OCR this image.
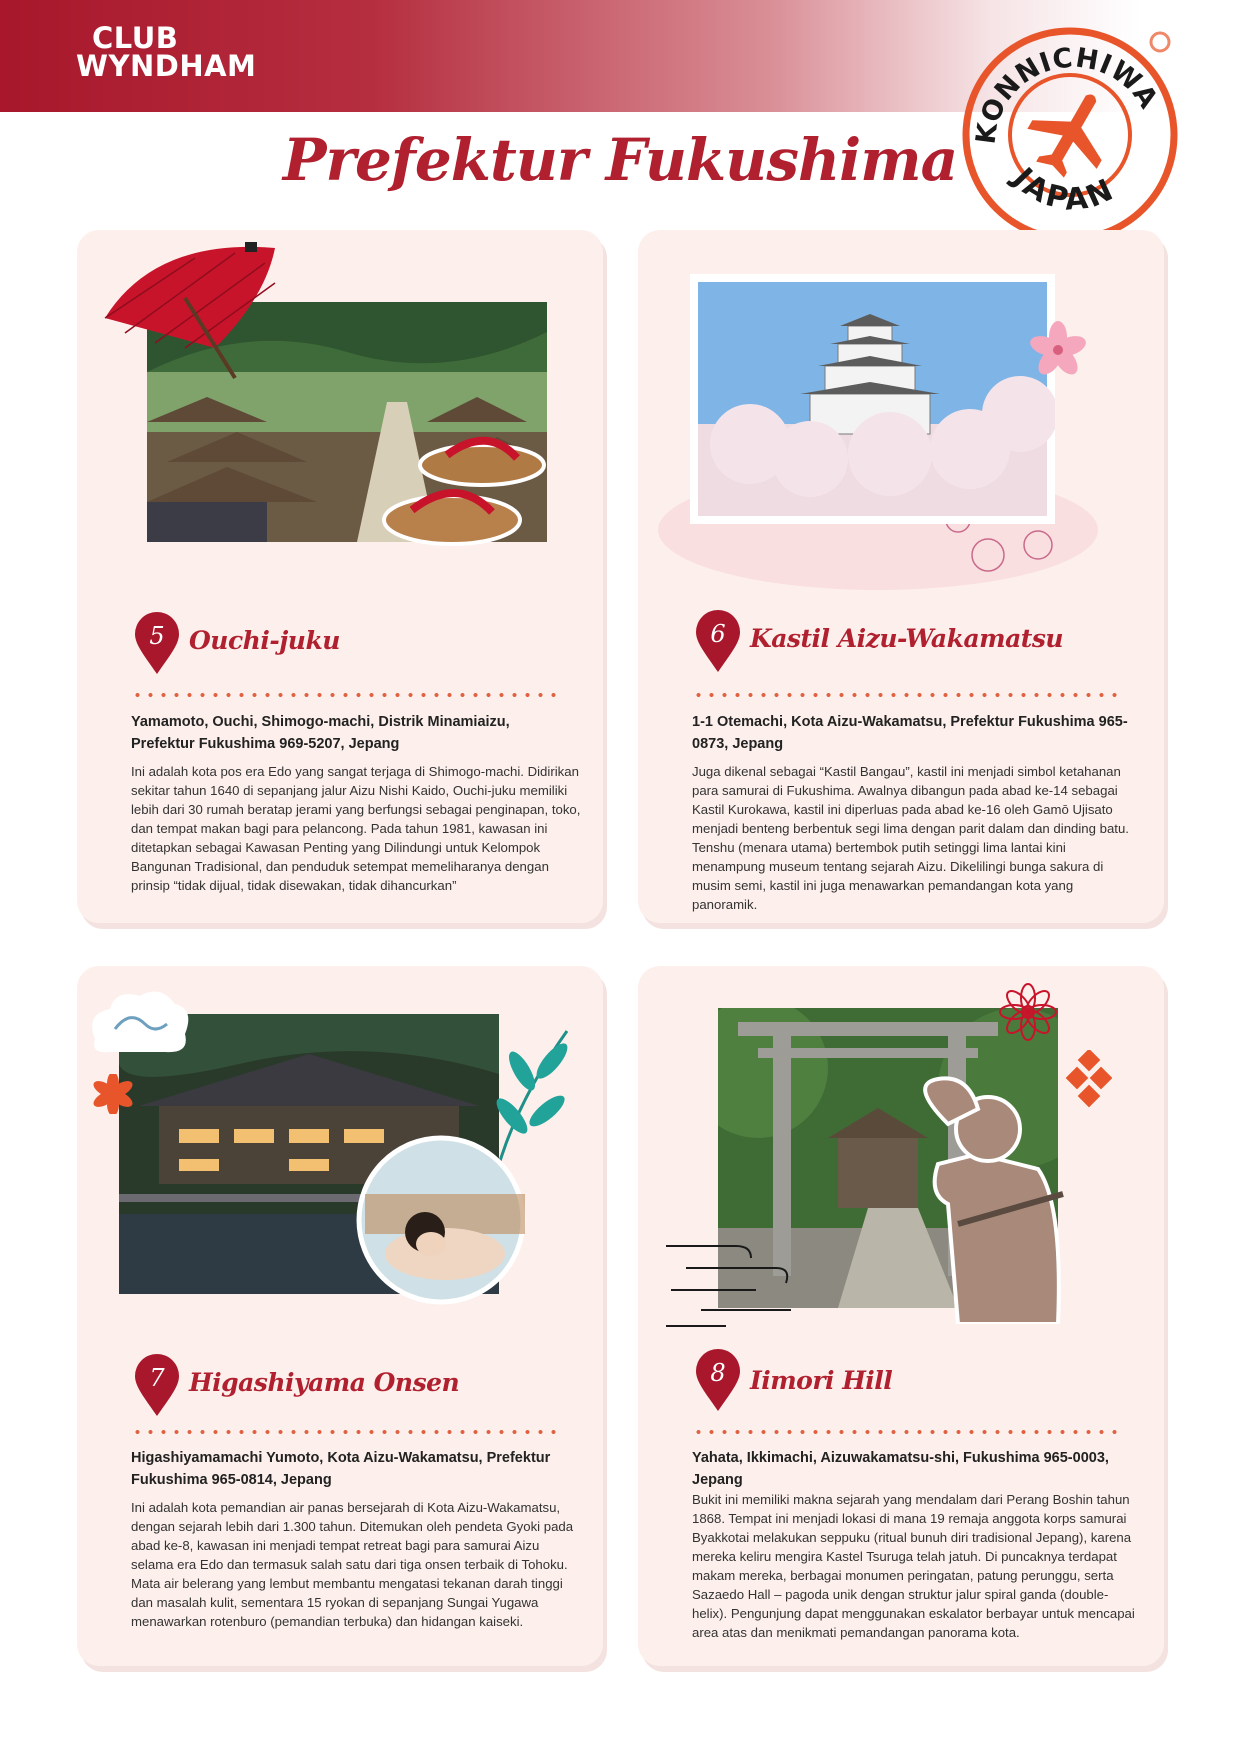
CLUB
WYNDHAM
Prefektur Fukushima KONNICHIWA
JAPAN
5 Ouchi-juku
Yamamoto, Ouchi, Shimogo-machi, Distrik Minamiaizu, Prefektur Fukushima 969-5207, Jepang
Ini adalah kota pos era Edo yang sangat terjaga di Shimogo-machi. Didirikan sekitar tahun 1640 di sepanjang jalur Aizu Nishi Kaido, Ouchi-juku memiliki lebih dari 30 rumah beratap jerami yang berfungsi sebagai penginapan, toko, dan tempat makan bagi para pelancong. Pada tahun 1981, kawasan ini ditetapkan sebagai Kawasan Penting yang Dilindungi untuk Kelompok Bangunan Tradisional, dan penduduk setempat memeliharanya dengan prinsip “tidak dijual, tidak disewakan, tidak dihancurkan”
6 Kastil Aizu-Wakamatsu
1-1 Otemachi, Kota Aizu-Wakamatsu, Prefektur Fukushima 965-0873, Jepang
Juga dikenal sebagai “Kastil Bangau”, kastil ini menjadi simbol ketahanan para samurai di Fukushima. Awalnya dibangun pada abad ke-14 sebagai Kastil Kurokawa, kastil ini diperluas pada abad ke-16 oleh Gamō Ujisato menjadi benteng berbentuk segi lima dengan parit dalam dan dinding batu. Tenshu (menara utama) bertembok putih setinggi lima lantai kini menampung museum tentang sejarah Aizu. Dikelilingi bunga sakura di musim semi, kastil ini juga menawarkan pemandangan kota yang panoramik.
7 Higashiyama Onsen
Higashiyamamachi Yumoto, Kota Aizu-Wakamatsu, Prefektur Fukushima 965-0814, Jepang
Ini adalah kota pemandian air panas bersejarah di Kota Aizu-Wakamatsu, dengan sejarah lebih dari 1.300 tahun. Ditemukan oleh pendeta Gyoki pada abad ke-8, kawasan ini menjadi tempat retreat bagi para samurai Aizu selama era Edo dan termasuk salah satu dari tiga onsen terbaik di Tohoku. Mata air belerang yang lembut membantu mengatasi tekanan darah tinggi dan masalah kulit, sementara 15 ryokan di sepanjang Sungai Yugawa menawarkan rotenburo (pemandian terbuka) dan hidangan kaiseki.
8 Iimori Hill
Yahata, Ikkimachi, Aizuwakamatsu-shi, Fukushima 965-0003, Jepang
Bukit ini memiliki makna sejarah yang mendalam dari Perang Boshin tahun 1868. Tempat ini menjadi lokasi di mana 19 remaja anggota korps samurai Byakkotai melakukan seppuku (ritual bunuh diri tradisional Jepang), karena mereka keliru mengira Kastel Tsuruga telah jatuh. Di puncaknya terdapat makam mereka, berbagai monumen peringatan, patung perunggu, serta Sazaedo Hall – pagoda unik dengan struktur jalur spiral ganda (double-helix). Pengunjung dapat menggunakan eskalator berbayar untuk mencapai area atas dan menikmati pemandangan panorama kota.
